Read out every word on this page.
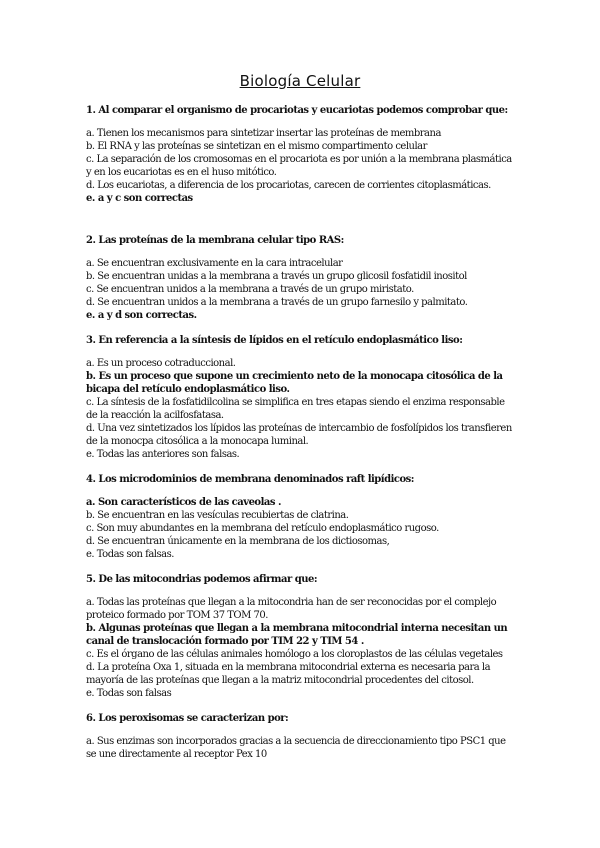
Biología Celular
1. Al comparar el organismo de procariotas y eucariotas podemos comprobar que:
a. Tienen los mecanismos para sintetizar insertar las proteínas de membrana
b. El RNA y las proteínas se sintetizan en el mismo compartimento celular
c. La separación de los cromosomas en el procariota es por unión a la membrana plasmática y en los eucariotas es en el huso mitótico.
d. Los eucariotas, a diferencia de los procariotas, carecen de corrientes citoplasmáticas.
e. a y c son correctas
2. Las proteínas de la membrana celular tipo RAS:
a. Se encuentran exclusivamente en la cara intracelular
b. Se encuentran unidas a la membrana a través un grupo glicosil fosfatidil inositol
c. Se encuentran unidos a la membrana a través de un grupo miristato.
d. Se encuentran unidos a la membrana a través de un grupo farnesilo y palmitato.
e. a y d son correctas.
3. En referencia a la síntesis de lípidos en el retículo endoplasmático liso:
a. Es un proceso cotraduccional.
b. Es un proceso que supone un crecimiento neto de la monocapa citosólica de la bicapa del retículo endoplasmático liso.
c. La síntesis de la fosfatidilcolina se simplifica en tres etapas siendo el enzima responsable de la reacción la acilfosfatasa.
d. Una vez sintetizados los lípidos las proteínas de intercambio de fosfolípidos los transfieren de la monocpa citosólica a la monocapa luminal.
e. Todas las anteriores son falsas.
4. Los microdominios de membrana denominados raft lipídicos:
a. Son característicos de las caveolas .
b. Se encuentran en las vesículas recubiertas de clatrina.
c. Son muy abundantes en la membrana del retículo endoplasmático rugoso.
d. Se encuentran únicamente en la membrana de los dictiosomas,
e. Todas son falsas.
5. De las mitocondrias podemos afirmar que:
a. Todas las proteínas que llegan a la mitocondria han de ser reconocidas por el complejo proteico formado por TOM 37 TOM 70.
b. Algunas proteínas que llegan a la membrana mitocondrial interna necesitan un canal de translocación formado por TIM 22 y TIM 54 .
c. Es el órgano de las células animales homólogo a los cloroplastos de las células vegetales
d. La proteína Oxa 1, situada en la membrana mitocondrial externa es necesaria para la mayoría de las proteínas que llegan a la matriz mitocondrial procedentes del citosol.
e. Todas son falsas
6. Los peroxisomas se caracterizan por:
a. Sus enzimas son incorporados gracias a la secuencia de direccionamiento tipo PSC1 que se une directamente al receptor Pex 10
